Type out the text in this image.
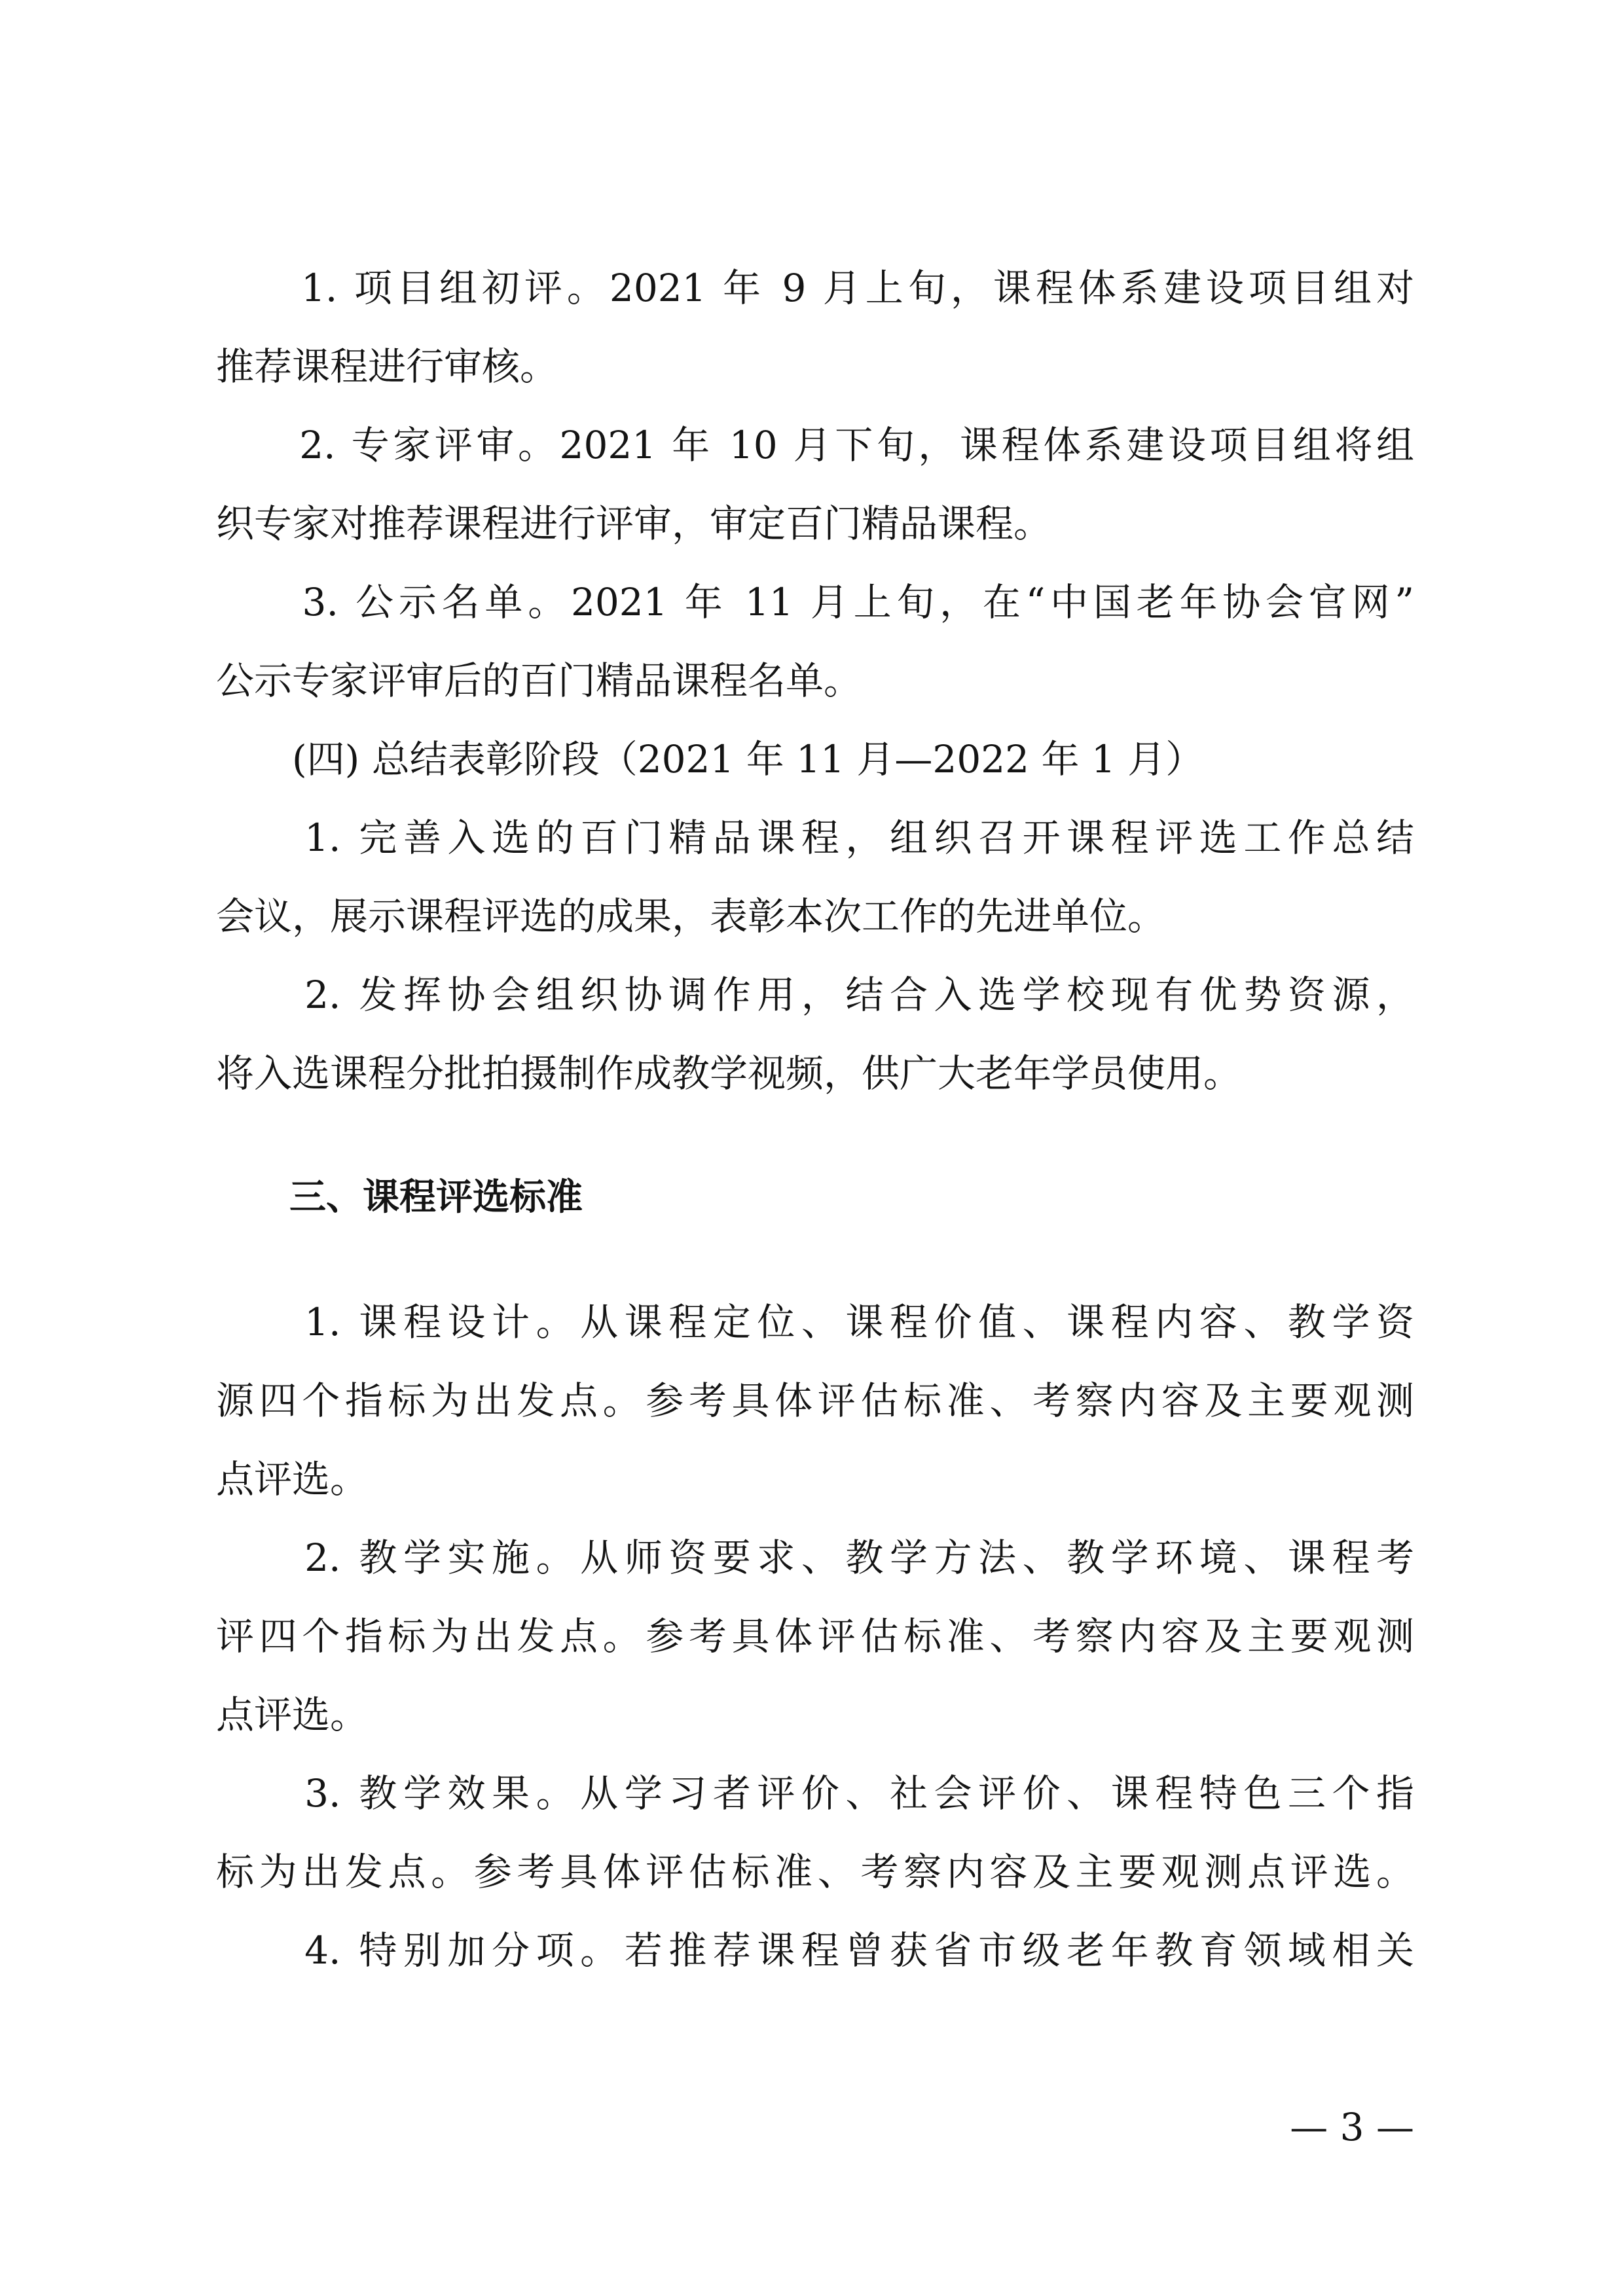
　　1. 项目组初评。2021 年 9 月上旬，课程体系建设项目组对
推荐课程进行审核。
　　2. 专家评审。2021 年 10 月下旬，课程体系建设项目组将组
织专家对推荐课程进行评审，审定百门精品课程。
　　3. 公示名单。2021 年 11 月上旬，在“中国老年协会官网”
公示专家评审后的百门精品课程名单。
　　(四) 总结表彰阶段（2021 年 11 月—2022 年 1 月）
　　1. 完善入选的百门精品课程，组织召开课程评选工作总结
会议，展示课程评选的成果，表彰本次工作的先进单位。
　　2. 发挥协会组织协调作用，结合入选学校现有优势资源，
将入选课程分批拍摄制作成教学视频，供广大老年学员使用。
　　三、课程评选标准
　　1. 课程设计。从课程定位、课程价值、课程内容、教学资
源四个指标为出发点。参考具体评估标准、考察内容及主要观测
点评选。
　　2. 教学实施。从师资要求、教学方法、教学环境、课程考
评四个指标为出发点。参考具体评估标准、考察内容及主要观测
点评选。
　　3. 教学效果。从学习者评价、社会评价、课程特色三个指
标为出发点。参考具体评估标准、考察内容及主要观测点评选。
　　4. 特别加分项。若推荐课程曾获省市级老年教育领域相关
— 3 —
